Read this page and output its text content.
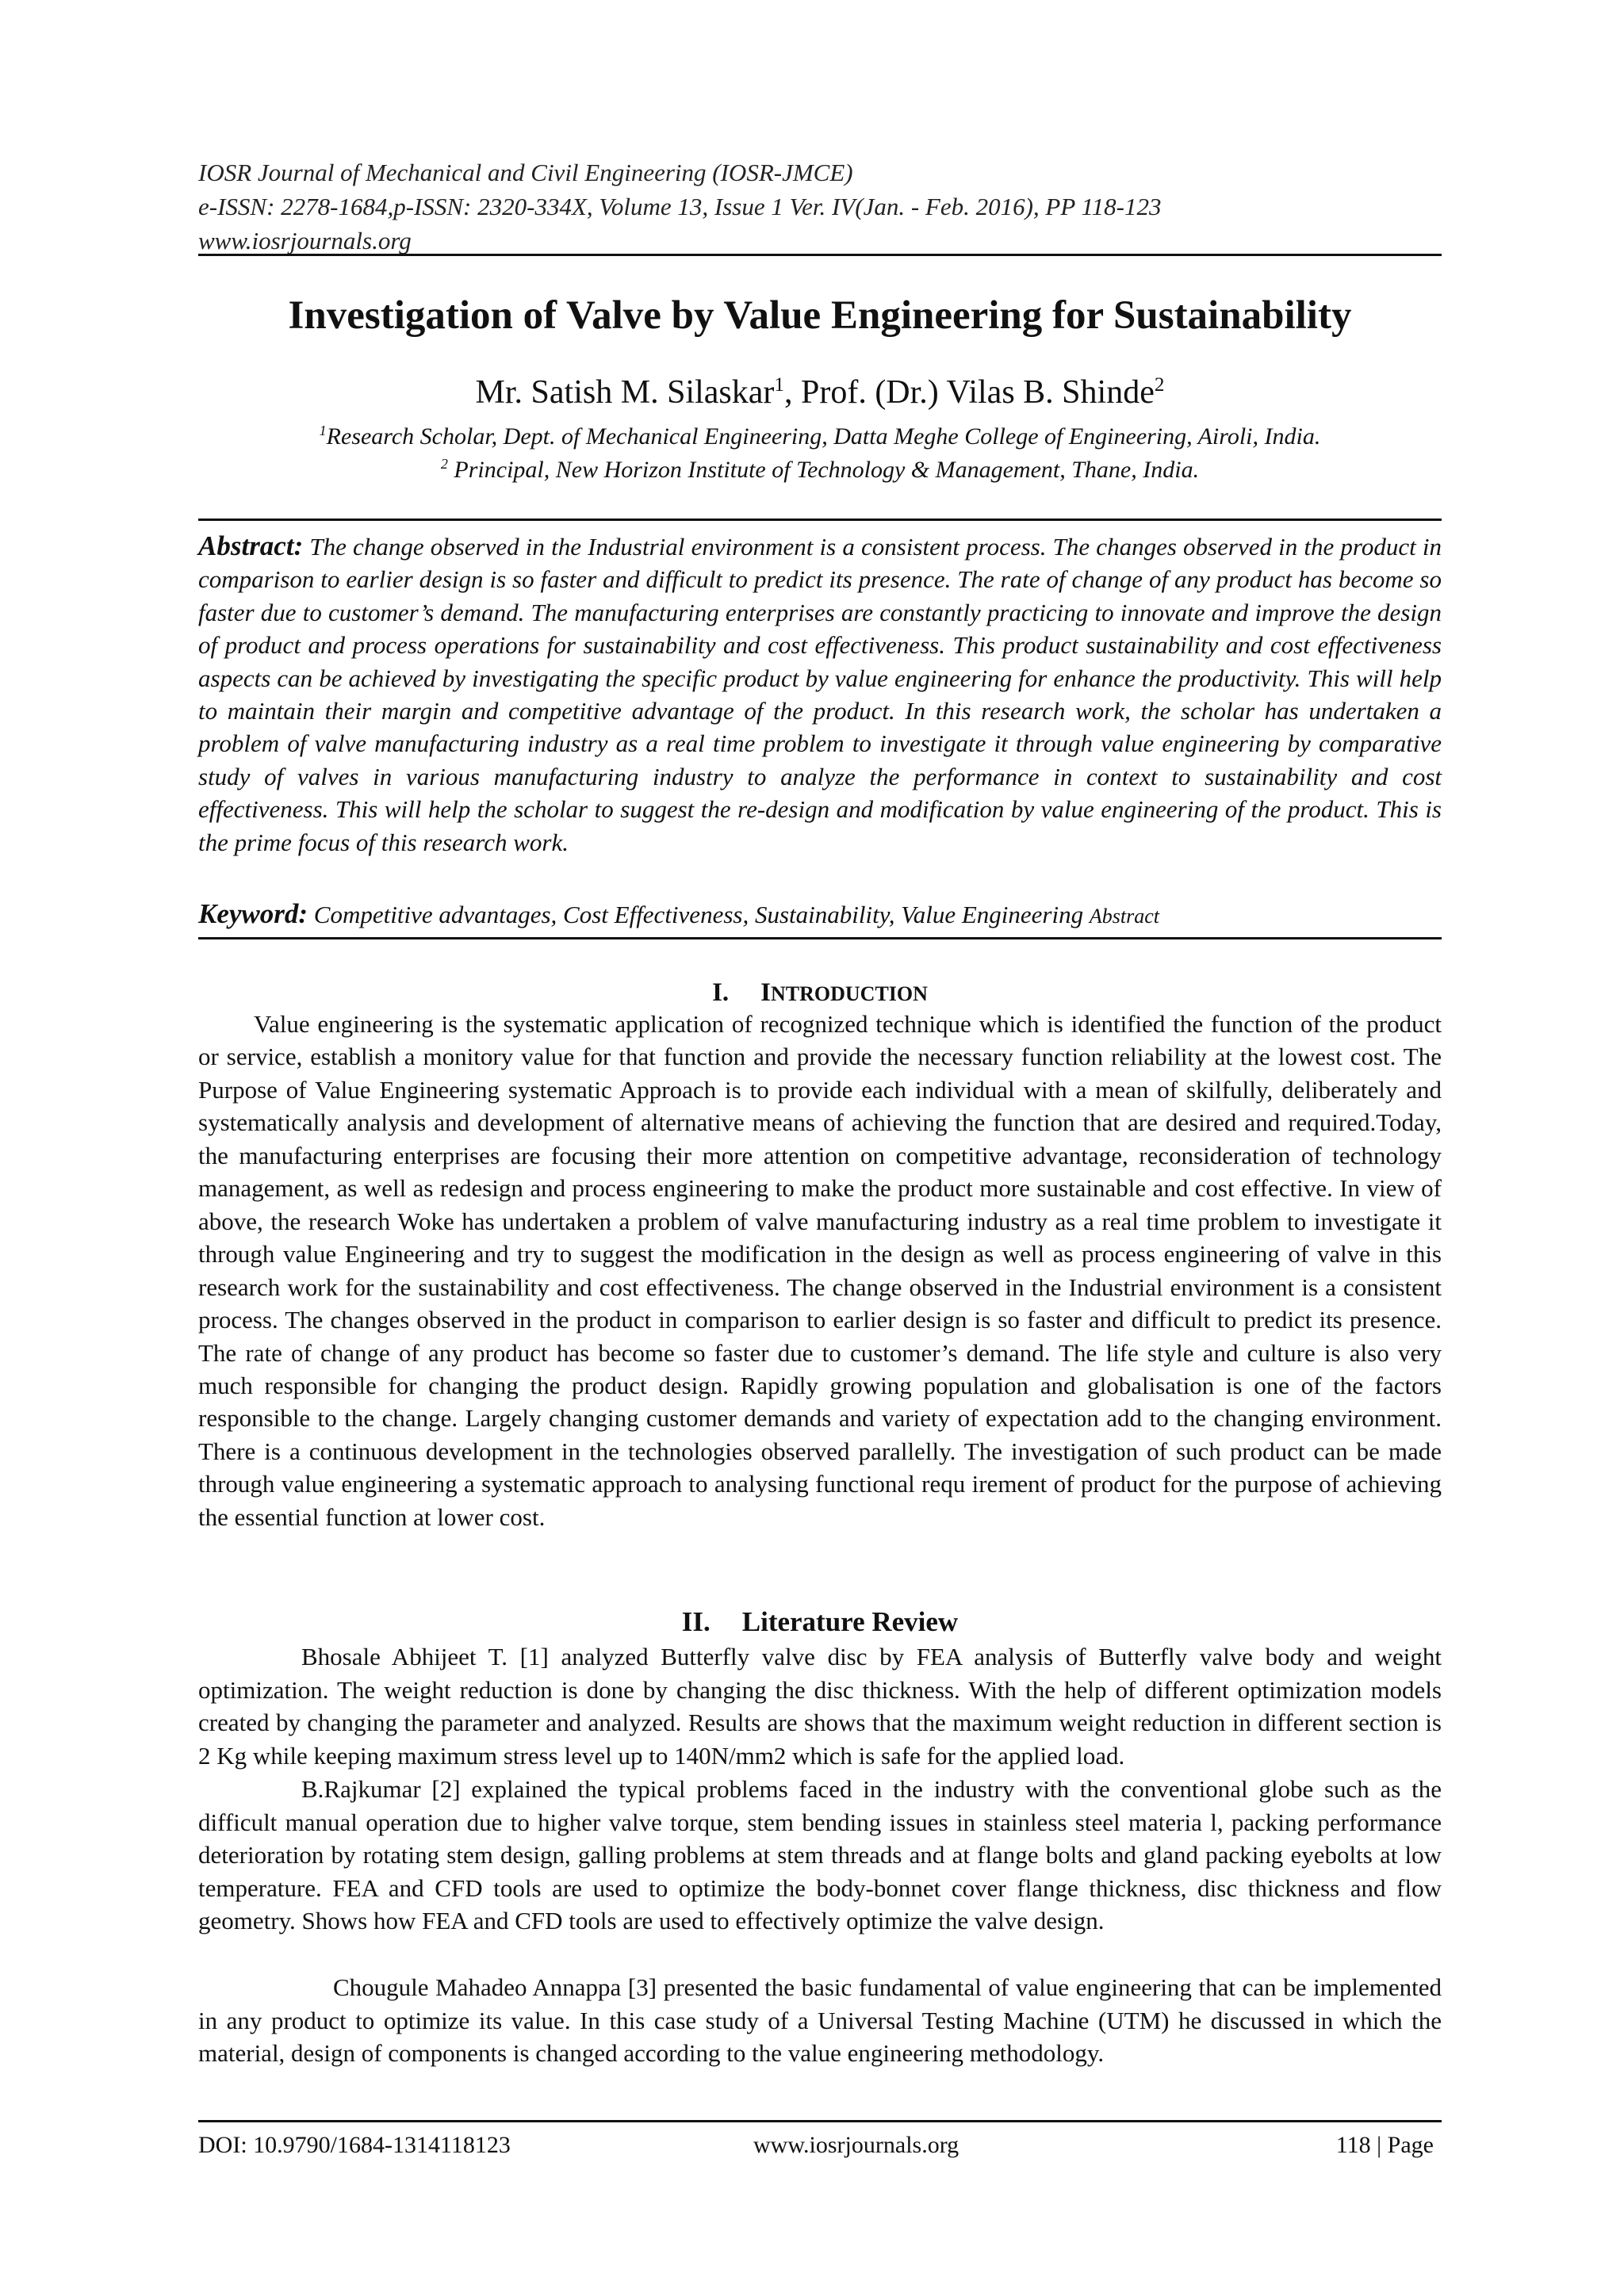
IOSR Journal of Mechanical and Civil Engineering (IOSR-JMCE)
e-ISSN: 2278-1684,p-ISSN: 2320-334X, Volume 13, Issue 1 Ver. IV(Jan. - Feb. 2016), PP 118-123
www.iosrjournals.org
Investigation of Valve by Value Engineering for Sustainability
Mr. Satish M. Silaskar$^1$, Prof. (Dr.) Vilas B. Shinde$^2$
$^1$Research Scholar, Dept. of Mechanical Engineering, Datta Meghe College of Engineering, Airoli, India.
$^2$ Principal, New Horizon Institute of Technology & Management, Thane, India.
Abstract: The change observed in the Industrial environment is a consistent process. The changes observed in the product in comparison to earlier design is so faster and difficult to predict its presence. The rate of change of any product has become so faster due to customer’s demand. The manufacturing enterprises are constantly practicing to innovate and improve the design of product and process operations for sustainability and cost effectiveness. This product sustainability and cost effectiveness aspects can be achieved by investigating the specific product by value engineering for enhance the productivity. This will help to maintain their margin and competitive advantage of the product. In this research work, the scholar has undertaken a problem of valve manufacturing industry as a real time problem to investigate it through value engineering by comparative study of valves in various manufacturing industry to analyze the performance in context to sustainability and cost effectiveness. This will help the scholar to suggest the re-design and modification by value engineering of the product. This is the prime focus of this research work.
Keyword: Competitive advantages, Cost Effectiveness, Sustainability, Value Engineering Abstract
I. INTRODUCTION
Value engineering is the systematic application of recognized technique which is identified the function of the product or service, establish a monitory value for that function and provide the necessary function reliability at the lowest cost. The Purpose of Value Engineering systematic Approach is to provide each individual with a mean of skilfully, deliberately and systematically analysis and development of alternative means of achieving the function that are desired and required.Today, the manufacturing enterprises are focusing their more attention on competitive advantage, reconsideration of technology management, as well as redesign and process engineering to make the product more sustainable and cost effective. In view of above, the research Woke has undertaken a problem of valve manufacturing industry as a real time problem to investigate it through value Engineering and try to suggest the modification in the design as well as process engineering of valve in this research work for the sustainability and cost effectiveness. The change observed in the Industrial environment is a consistent process. The changes observed in the product in comparison to earlier design is so faster and difficult to predict its presence. The rate of change of any product has become so faster due to customer’s demand. The life style and culture is also very much responsible for changing the product design. Rapidly growing population and globalisation is one of the factors responsible to the change. Largely changing customer demands and variety of expectation add to the changing environment. There is a continuous development in the technologies observed parallelly. The investigation of such product can be made through value engineering a systematic approach to analysing functional requ irement of product for the purpose of achieving the essential function at lower cost.
II. Literature Review
Bhosale Abhijeet T. [1] analyzed Butterfly valve disc by FEA analysis of Butterfly valve body and weight optimization. The weight reduction is done by changing the disc thickness. With the help of different optimization models created by changing the parameter and analyzed. Results are shows that the maximum weight reduction in different section is 2 Kg while keeping maximum stress level up to 140N/mm2 which is safe for the applied load.
B.Rajkumar [2] explained the typical problems faced in the industry with the conventional globe such as the difficult manual operation due to higher valve torque, stem bending issues in stainless steel materia l, packing performance deterioration by rotating stem design, galling problems at stem threads and at flange bolts and gland packing eyebolts at low temperature. FEA and CFD tools are used to optimize the body-bonnet cover flange thickness, disc thickness and flow geometry. Shows how FEA and CFD tools are used to effectively optimize the valve design.
Chougule Mahadeo Annappa [3] presented the basic fundamental of value engineering that can be implemented in any product to optimize its value. In this case study of a Universal Testing Machine (UTM) he discussed in which the material, design of components is changed according to the value engineering methodology.
DOI: 10.9790/1684-1314118123	www.iosrjournals.org	118 | Page
